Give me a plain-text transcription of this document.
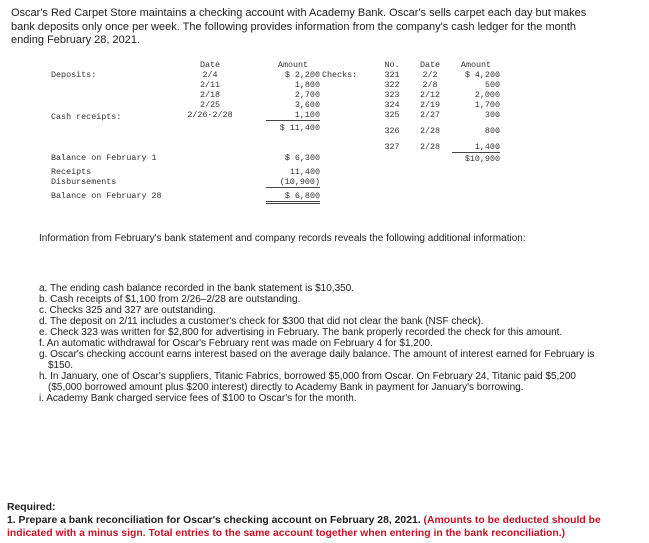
Oscar's Red Carpet Store maintains a checking account with Academy Bank. Oscar's sells carpet each day but makes bank deposits only once per week. The following provides information from the company's cash ledger for the month ending February 28, 2021.
Deposits:
Cash receipts:
Date
2/4
2/11
2/18
2/25
2/26-2/28
Amount
$ 2,200
1,800
2,700
3,600
1,100
$ 11,400
Checks:
No.
321
322
323
324
325
326
327
Date
2/2
2/8
2/12
2/19
2/27
2/28
2/28
Amount
$ 4,200
500
2,000
1,700
300
800
1,400
$10,900
Balance on February 1
Receipts
Disbursements
Balance on February 28
$ 6,300
11,400
(10,900)
$ 6,800
Information from February's bank statement and company records reveals the following additional information:

a. The ending cash balance recorded in the bank statement is $10,350.

b. Cash receipts of $1,100 from 2/26–2/28 are outstanding.

c. Checks 325 and 327 are outstanding.

d. The deposit on 2/11 includes a customer's check for $300 that did not clear the bank (NSF check).

e. Check 323 was written for $2,800 for advertising in February. The bank properly recorded the check for this amount.

f. An automatic withdrawal for Oscar's February rent was made on February 4 for $1,200.

g. Oscar's checking account earns interest based on the average daily balance. The amount of interest earned for February is $150.

h. In January, one of Oscar's suppliers, Titanic Fabrics, borrowed $5,000 from Oscar. On February 24, Titanic paid $5,200 ($5,000 borrowed amount plus $200 interest) directly to Academy Bank in payment for January's borrowing.

i. Academy Bank charged service fees of $100 to Oscar's for the month.

Required:
1. Prepare a bank reconciliation for Oscar's checking account on February 28, 2021. (Amounts to be deducted should be indicated with a minus sign. Total entries to the same account together when entering in the bank reconciliation.)
